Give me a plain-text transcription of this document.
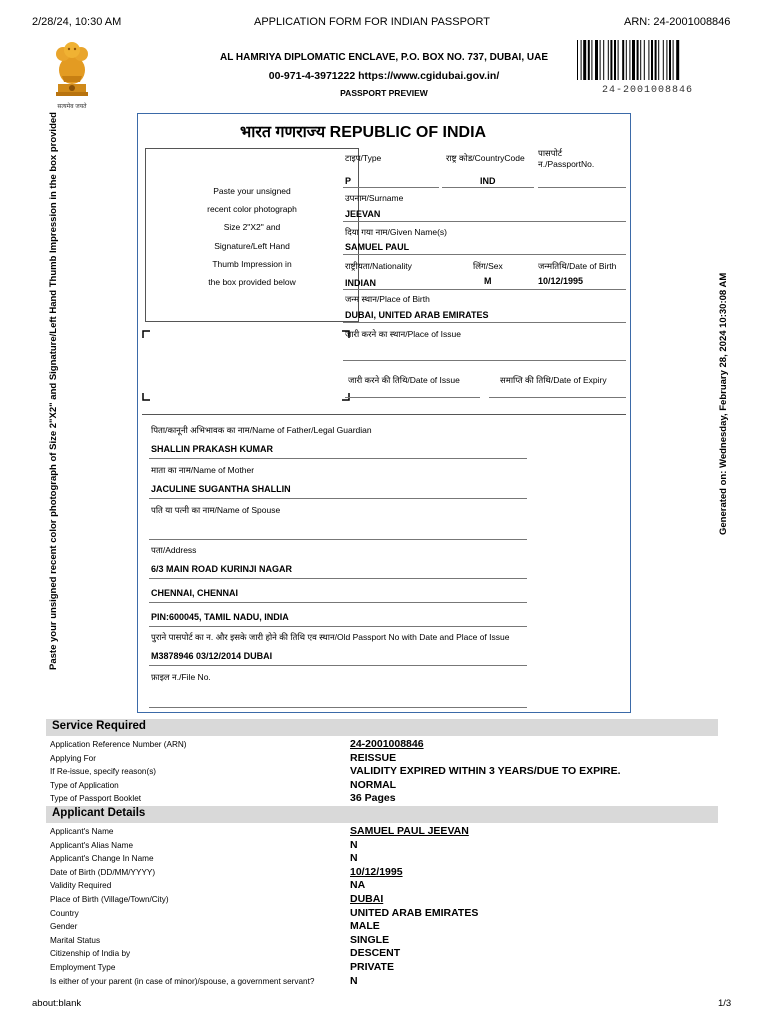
2/28/24, 10:30 AM	APPLICATION FORM FOR INDIAN PASSPORT	ARN: 24-2001008846
सत्यमेव जयते
AL HAMRIYA DIPLOMATIC ENCLAVE, P.O. BOX NO. 737, DUBAI, UAE
00-971-4-3971222 https://www.cgidubai.gov.in/
PASSPORT PREVIEW	24-2001008846
Paste your unsigned recent color photograph of Size 2"X2" and Signature/Left Hand Thumb Impression in the box provided	Generated on: Wednesday, February 28, 2024 10:30:08 AM
भारत गणराज्य REPUBLIC OF INDIA
Paste your unsigned
recent color photograph
Size 2"X2" and
Signature/Left Hand
Thumb Impression in
the box provided below
टाइप/Type	राष्ट्र कोड/CountryCode पासपोर्ट
न./PassportNo.
P	IND
उपनाम/Surname
JEEVAN
दिया गया नाम/Given Name(s)
SAMUEL PAUL
राष्ट्रीयता/Nationality	लिंग/Sex	जन्मतिथि/Date of Birth
INDIAN	M	10/12/1995
जन्म स्थान/Place of Birth
DUBAI, UNITED ARAB EMIRATES
जारी करने का स्थान/Place of Issue
जारी करने की तिथि/Date of Issue	समाप्ति की तिथि/Date of Expiry
पिता/कानूनी अभिभावक का नाम/Name of Father/Legal Guardian
SHALLIN PRAKASH KUMAR
माता का नाम/Name of Mother
JACULINE SUGANTHA SHALLIN
पति या पत्नी का नाम/Name of Spouse
पता/Address
6/3 MAIN ROAD KURINJI NAGAR
CHENNAI, CHENNAI
PIN:600045, TAMIL NADU, INDIA
पुराने पासपोर्ट का न. और इसके जारी होने की तिथि एव स्थान/Old Passport No with Date and Place of Issue
M3878946 03/12/2014 DUBAI
फ़ाइल न./File No.
Service Required
Application Reference Number (ARN)	24-2001008846
Applying For	REISSUE
If Re-issue, specify reason(s)	VALIDITY EXPIRED WITHIN 3 YEARS/DUE TO EXPIRE.
Type of Application	NORMAL
Type of Passport Booklet	36 Pages
Applicant Details
Applicant's Name	SAMUEL PAUL JEEVAN
Applicant's Alias Name	N
Applicant's Change In Name	N
Date of Birth (DD/MM/YYYY)	10/12/1995
Validity Required	NA
Place of Birth (Village/Town/City)	DUBAI
Country	UNITED ARAB EMIRATES
Gender	MALE
Marital Status	SINGLE
Citizenship of India by	DESCENT
Employment Type	PRIVATE
Is either of your parent (in case of minor)/spouse, a government servant?	N
about:blank	1/3
